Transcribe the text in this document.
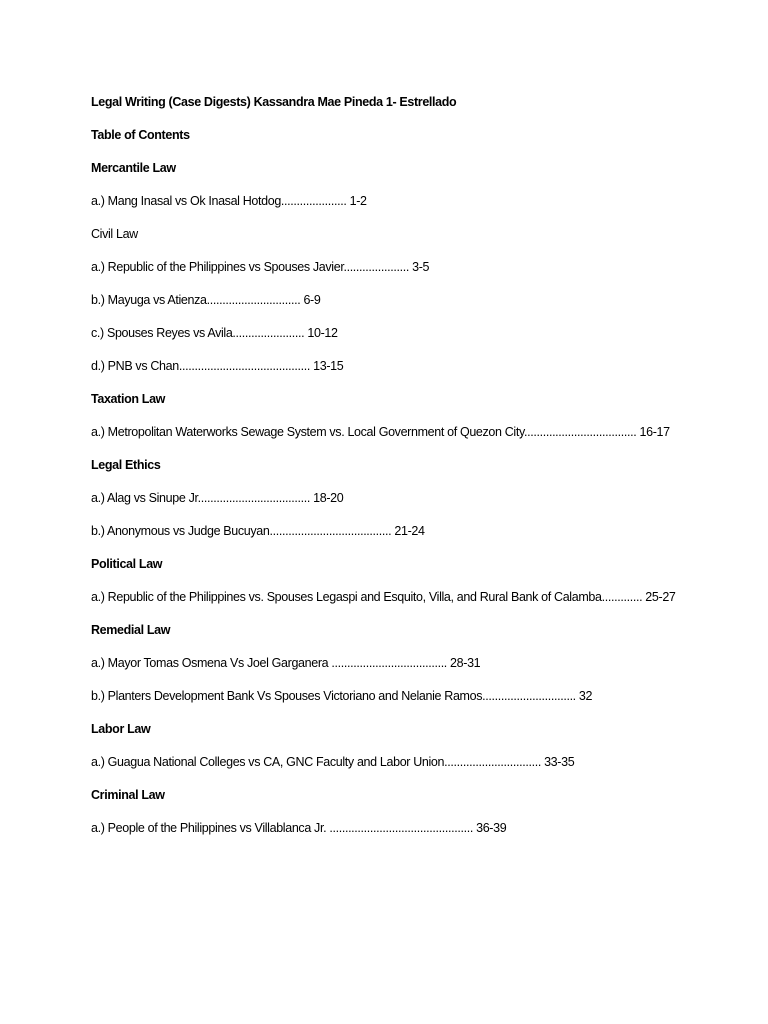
Legal Writing (Case Digests) Kassandra Mae Pineda 1- Estrellado
Table of Contents
Mercantile Law
a.) Mang Inasal vs Ok Inasal Hotdog..................... 1-2
Civil Law
a.) Republic of the Philippines vs Spouses Javier..................... 3-5
b.) Mayuga vs Atienza.............................. 6-9
c.) Spouses Reyes vs Avila....................... 10-12
d.) PNB vs Chan.......................................... 13-15
Taxation Law
a.) Metropolitan Waterworks Sewage System vs. Local Government of Quezon City.................................... 16-17
Legal Ethics
a.) Alag vs Sinupe Jr.................................... 18-20
b.) Anonymous vs Judge Bucuyan....................................... 21-24
Political Law
a.) Republic of the Philippines vs. Spouses Legaspi and Esquito, Villa, and Rural Bank of Calamba............. 25-27
Remedial Law
a.) Mayor Tomas Osmena Vs Joel Garganera ..................................... 28-31
b.) Planters Development Bank Vs Spouses Victoriano and Nelanie Ramos.............................. 32
Labor Law
a.) Guagua National Colleges vs CA, GNC Faculty and Labor Union............................... 33-35
Criminal Law
a.) People of the Philippines vs Villablanca Jr. .............................................. 36-39
